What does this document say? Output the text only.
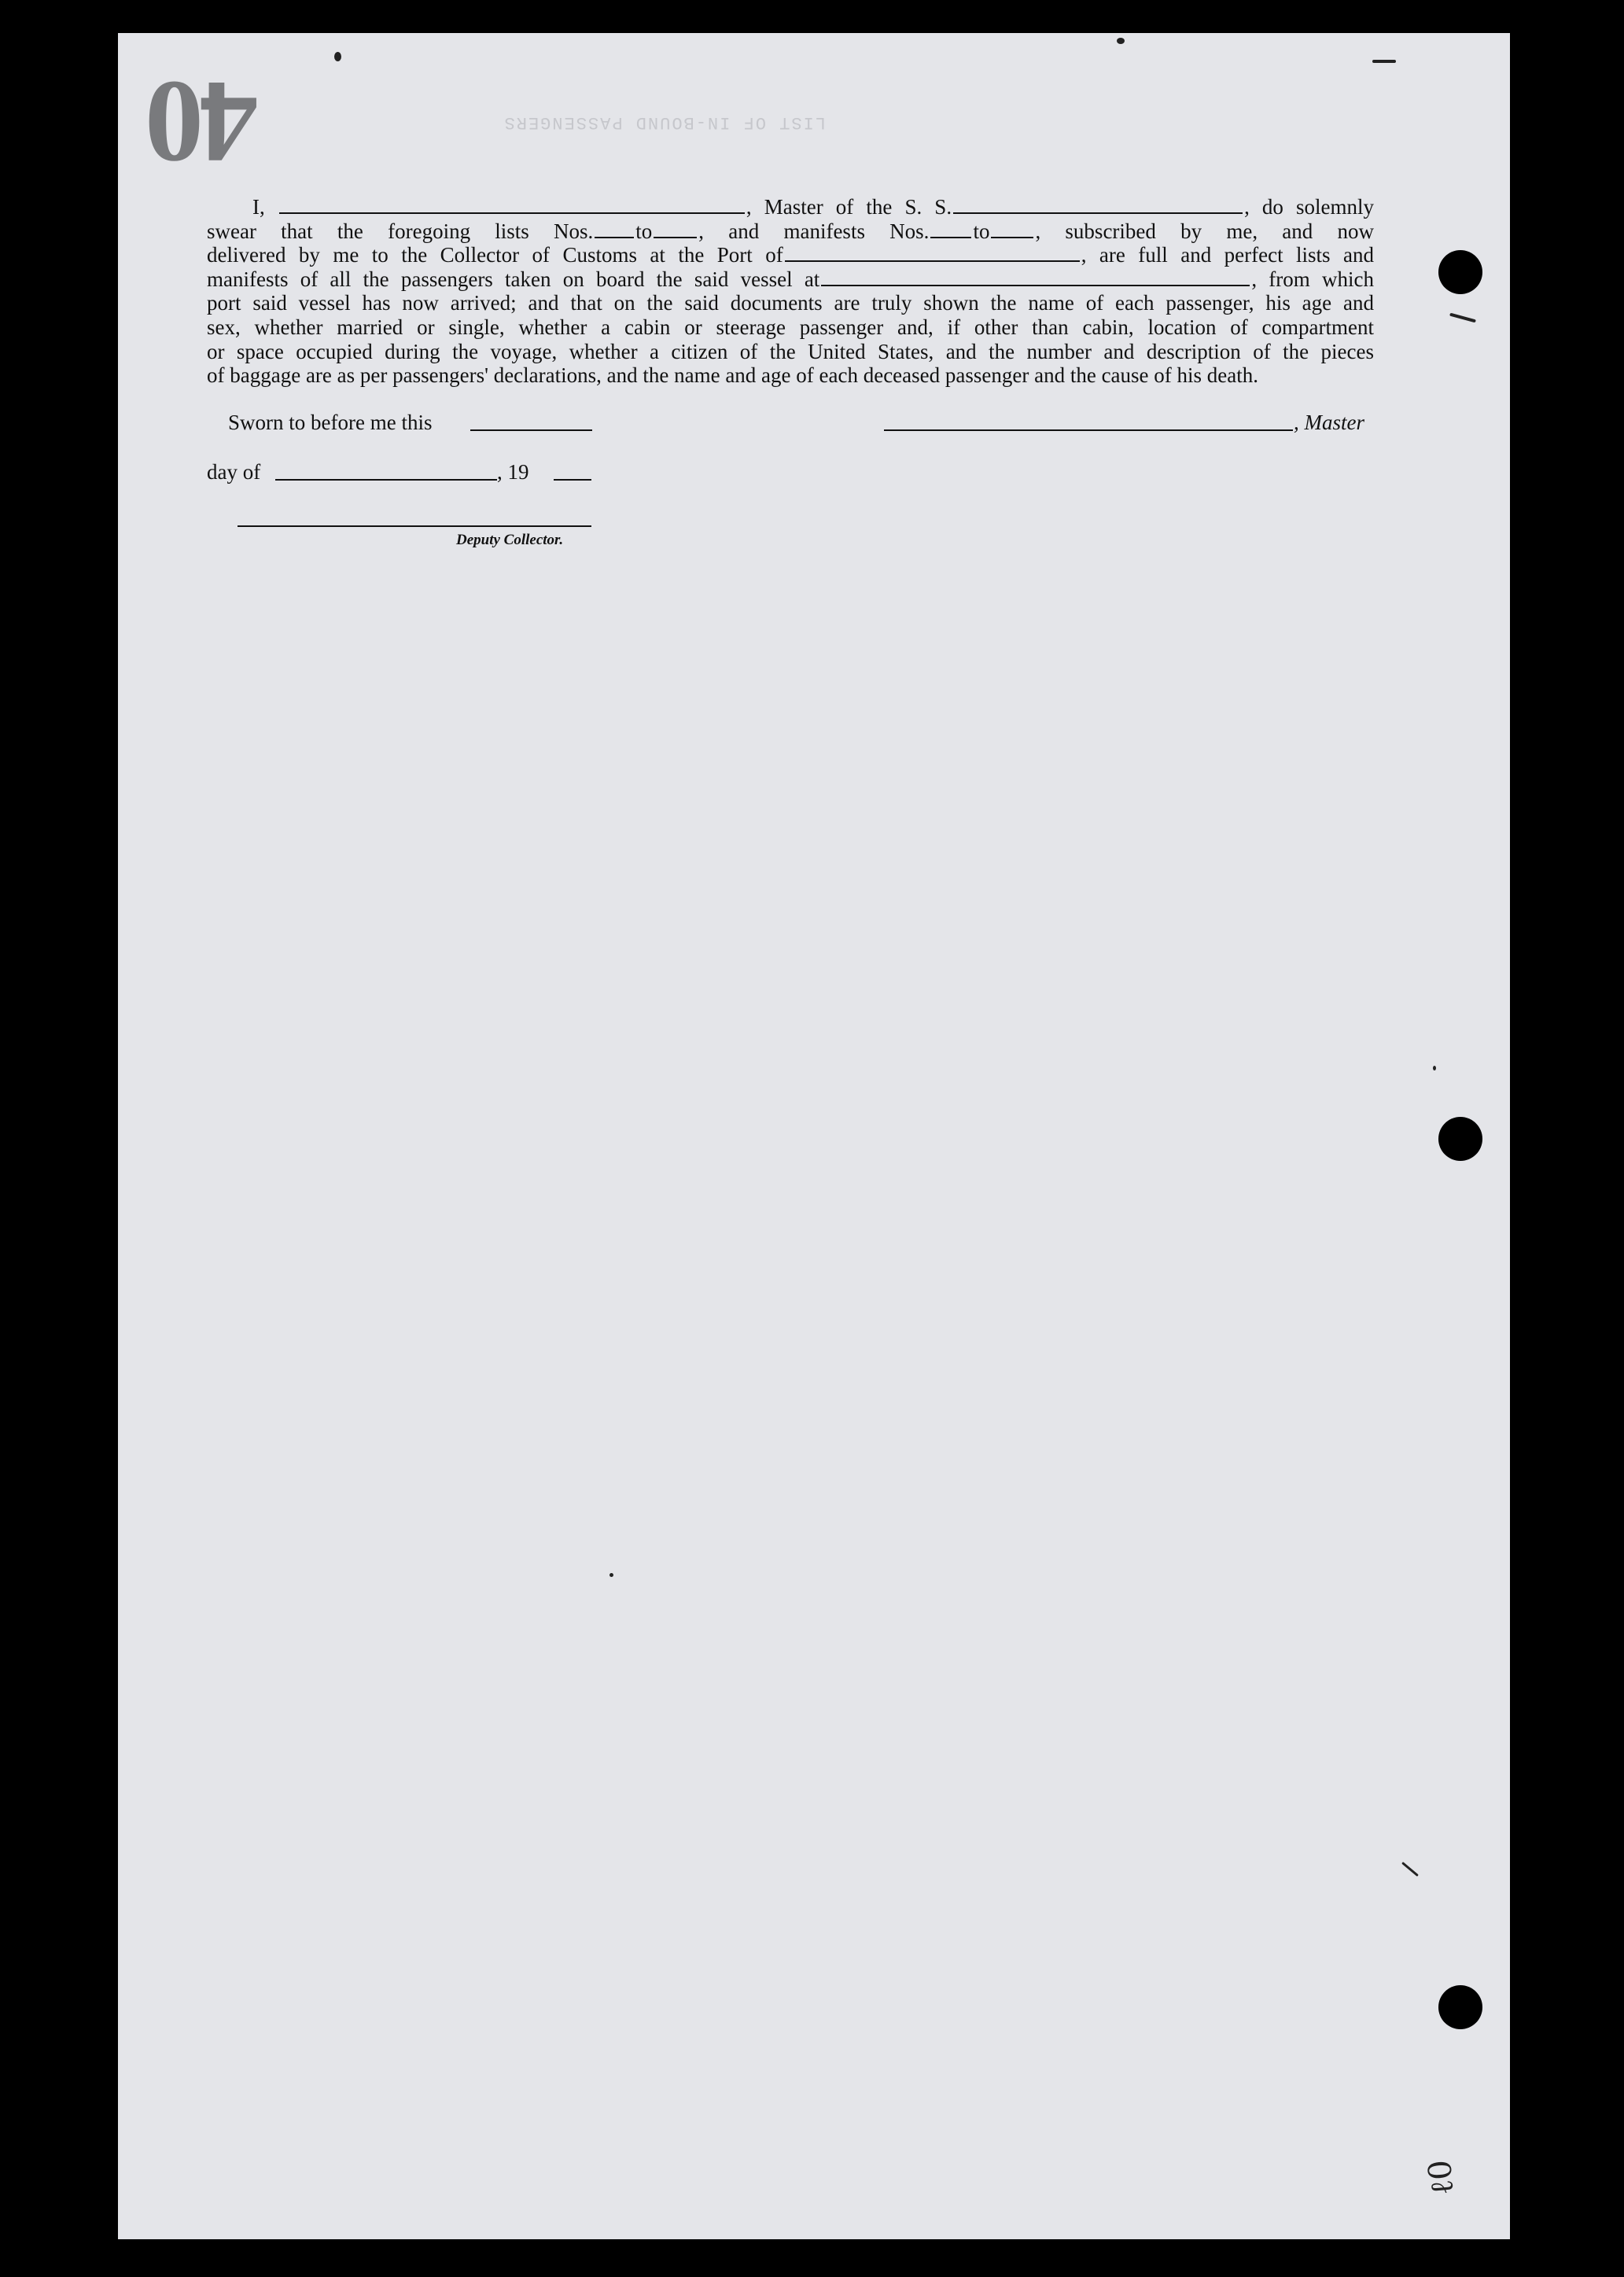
40	LIST OF IN-BOUND PASSENGERS
I,	, Master of the S. S.	, do solemnly
swear that the foregoing lists Nos. to , and manifests Nos. to , subscribed by me, and now
delivered by me to the Collector of Customs at the Port of	, are full and perfect lists and
manifests of all the passengers taken on board the said vessel at	, from which
port said vessel has now arrived; and that on the said documents are truly shown the name of each passenger, his age and
sex, whether married or single, whether a cabin or steerage passenger and, if other than cabin, location of compartment
or space occupied during the voyage, whether a citizen of the United States, and the number and description of the pieces
of baggage are as per passengers' declarations, and the name and age of each deceased passenger and the cause of his death.
Sworn to before me this	, Master
day of	, 19
Deputy Collector.
ℓ0
